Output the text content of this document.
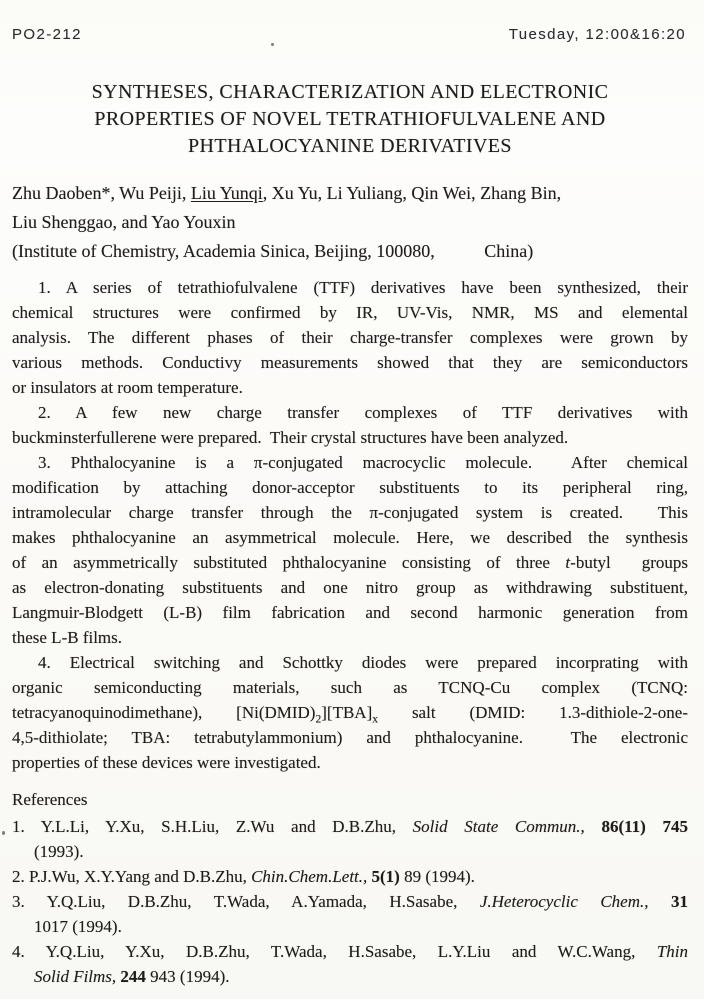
PO2-212	Tuesday, 12:00&16:20
SYNTHESES, CHARACTERIZATION AND ELECTRONIC
PROPERTIES OF NOVEL TETRATHIOFULVALENE AND
PHTHALOCYANINE DERIVATIVES
Zhu Daoben*, Wu Peiji, Liu Yunqi, Xu Yu, Li Yuliang, Qin Wei, Zhang Bin,
Liu Shenggao, and Yao Youxin
(Institute of Chemistry, Academia Sinica, Beijing, 100080,           China)
1. A series of tetrathiofulvalene (TTF) derivatives have been synthesized, their
chemical structures were confirmed by IR, UV-Vis, NMR, MS and elemental
analysis. The different phases of their charge-transfer complexes were grown by
various methods. Conductivy measurements showed that they are semiconductors
or insulators at room temperature.
2. A few new charge transfer complexes of TTF derivatives with
buckminsterfullerene were prepared.  Their crystal structures have been analyzed.
3. Phthalocyanine is a π-conjugated macrocyclic molecule.  After chemical
modification by attaching donor-acceptor substituents to its peripheral ring,
intramolecular charge transfer through the π-conjugated system is created.  This
makes phthalocyanine an asymmetrical molecule. Here, we described the synthesis
of an asymmetrically substituted phthalocyanine consisting of three t-butyl  groups
as electron-donating substituents and one nitro group as withdrawing substituent,
Langmuir-Blodgett (L-B) film fabrication and second harmonic generation from
these L-B films.
4. Electrical switching and Schottky diodes were prepared incorprating with
organic semiconducting materials, such as TCNQ-Cu complex (TCNQ:
tetracyanoquinodimethane), $[Ni(DMID)_2][TBA]_x$ salt (DMID: 1.3-dithiole-2-one-
4,5-dithiolate; TBA: tetrabutylammonium) and phthalocyanine.  The electronic
properties of these devices were investigated.
References
1. Y.L.Li, Y.Xu, S.H.Liu, Z.Wu and D.B.Zhu, Solid State Commun., 86(11) 745
(1993).
2. P.J.Wu, X.Y.Yang and D.B.Zhu, Chin.Chem.Lett., 5(1) 89 (1994).
3. Y.Q.Liu, D.B.Zhu, T.Wada, A.Yamada, H.Sasabe, J.Heterocyclic Chem., 31
1017 (1994).
4. Y.Q.Liu, Y.Xu, D.B.Zhu, T.Wada, H.Sasabe, L.Y.Liu and W.C.Wang, Thin
Solid Films, 244 943 (1994).
